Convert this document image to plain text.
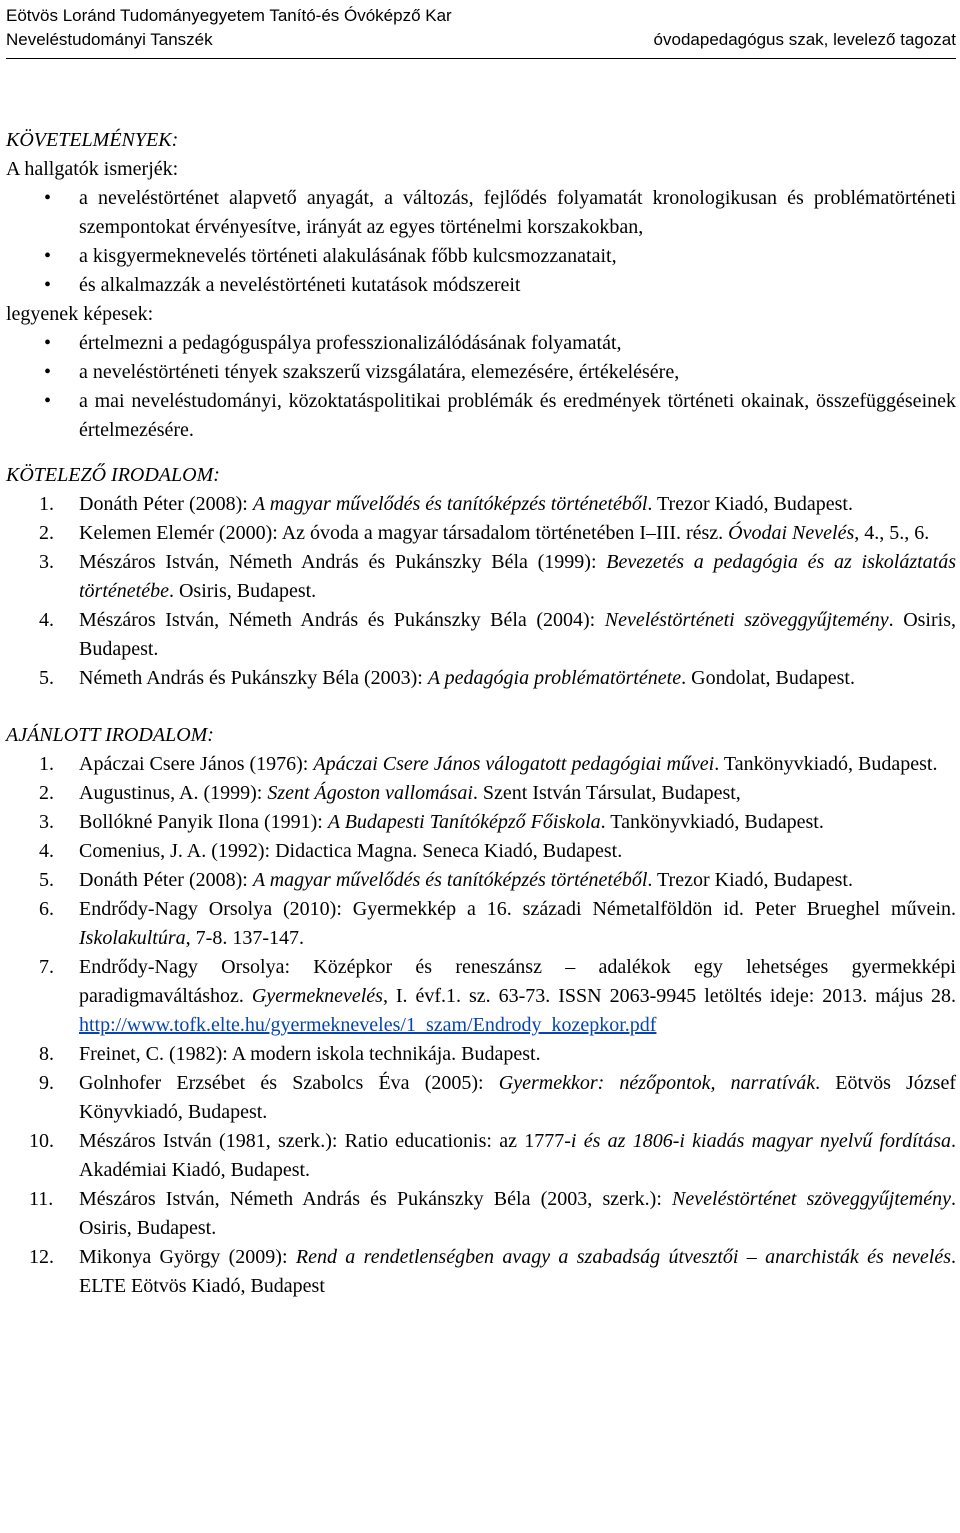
Eötvös Loránd Tudományegyetem Tanító-és Óvóképző Kar
Neveléstudományi Tanszék	óvodapedagógus szak, levelező tagozat
KÖVETELMÉNYEK:

A hallgatók ismerjék:

• a neveléstörténet alapvető anyagát, a változás, fejlődés folyamatát kronologikusan és problématörténeti szempontokat érvényesítve, irányát az egyes történelmi korszakokban,
• a kisgyermeknevelés történeti alakulásának főbb kulcsmozzanatait,
• és alkalmazzák a neveléstörténeti kutatások módszereit

legyenek képesek:

• értelmezni a pedagóguspálya professzionalizálódásának folyamatát,
• a neveléstörténeti tények szakszerű vizsgálatára, elemezésére, értékelésére,
• a mai neveléstudományi, közoktatáspolitikai problémák és eredmények történeti okainak, összefüggéseinek értelmezésére.
KÖTELEZŐ IRODALOM:
1.	Donáth Péter (2008): A magyar művelődés és tanítóképzés történetéből. Trezor Kiadó, Budapest.
2.	Kelemen Elemér (2000): Az óvoda a magyar társadalom történetében I–III. rész. Óvodai Nevelés, 4., 5., 6.
3.	Mészáros István, Németh András és Pukánszky Béla (1999): Bevezetés a pedagógia és az iskoláztatás történetébe. Osiris, Budapest.
4.	Mészáros István, Németh András és Pukánszky Béla (2004): Neveléstörténeti szöveggyűjtemény. Osiris, Budapest.
5.	Németh András és Pukánszky Béla (2003): A pedagógia problématörténete. Gondolat, Budapest.
AJÁNLOTT IRODALOM:
1.	Apáczai Csere János (1976): Apáczai Csere János válogatott pedagógiai művei. Tankönyvkiadó, Budapest.
2.	Augustinus, A. (1999): Szent Ágoston vallomásai. Szent István Társulat, Budapest,
3.	Bollókné Panyik Ilona (1991): A Budapesti Tanítóképző Főiskola. Tankönyvkiadó, Budapest.
4.	Comenius, J. A. (1992): Didactica Magna. Seneca Kiadó, Budapest.
5.	Donáth Péter (2008): A magyar művelődés és tanítóképzés történetéből. Trezor Kiadó, Budapest.
6.	Endrődy-Nagy Orsolya (2010): Gyermekkép a 16. századi Németalföldön id. Peter Brueghel művein. Iskolakultúra, 7-8. 137-147.
7.	Endrődy-Nagy Orsolya: Középkor és reneszánsz – adalékok egy lehetséges gyermekképi paradigmaváltáshoz. Gyermeknevelés, I. évf.1. sz. 63-73. ISSN 2063-9945 letöltés ideje: 2013. május 28. http://www.tofk.elte.hu/gyermekneveles/1_szam/Endrody_kozepkor.pdf
8.	Freinet, C. (1982): A modern iskola technikája. Budapest.
9.	Golnhofer Erzsébet és Szabolcs Éva (2005): Gyermekkor: nézőpontok, narratívák. Eötvös József Könyvkiadó, Budapest.
10.	Mészáros István (1981, szerk.): Ratio educationis: az 1777-i és az 1806-i kiadás magyar nyelvű fordítása. Akadémiai Kiadó, Budapest.
11.	Mészáros István, Németh András és Pukánszky Béla (2003, szerk.): Neveléstörténet szöveggyűjtemény. Osiris, Budapest.
12.	Mikonya György (2009): Rend a rendetlenségben avagy a szabadság útvesztői – anarchisták és nevelés. ELTE Eötvös Kiadó, Budapest
